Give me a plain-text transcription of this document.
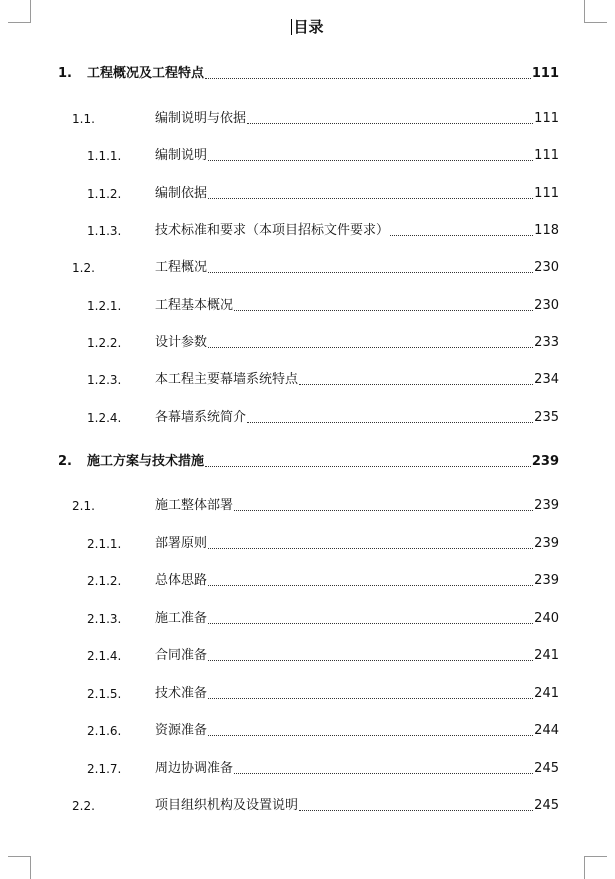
目录
1. 工程概况及工程特点	111
1.1.	编制说明与依据	111
1.1.1.	编制说明	111
1.1.2.	编制依据	111
1.1.3.	技术标准和要求（本项目招标文件要求）	118
1.2.	工程概况	230
1.2.1.	工程基本概况	230
1.2.2.	设计参数	233
1.2.3.	本工程主要幕墙系统特点	234
1.2.4.	各幕墙系统简介	235
2. 施工方案与技术措施	239
2.1.	施工整体部署	239
2.1.1.	部署原则	239
2.1.2.	总体思路	239
2.1.3.	施工准备	240
2.1.4.	合同准备	241
2.1.5.	技术准备	241
2.1.6.	资源准备	244
2.1.7.	周边协调准备	245
2.2.	项目组织机构及设置说明	245
